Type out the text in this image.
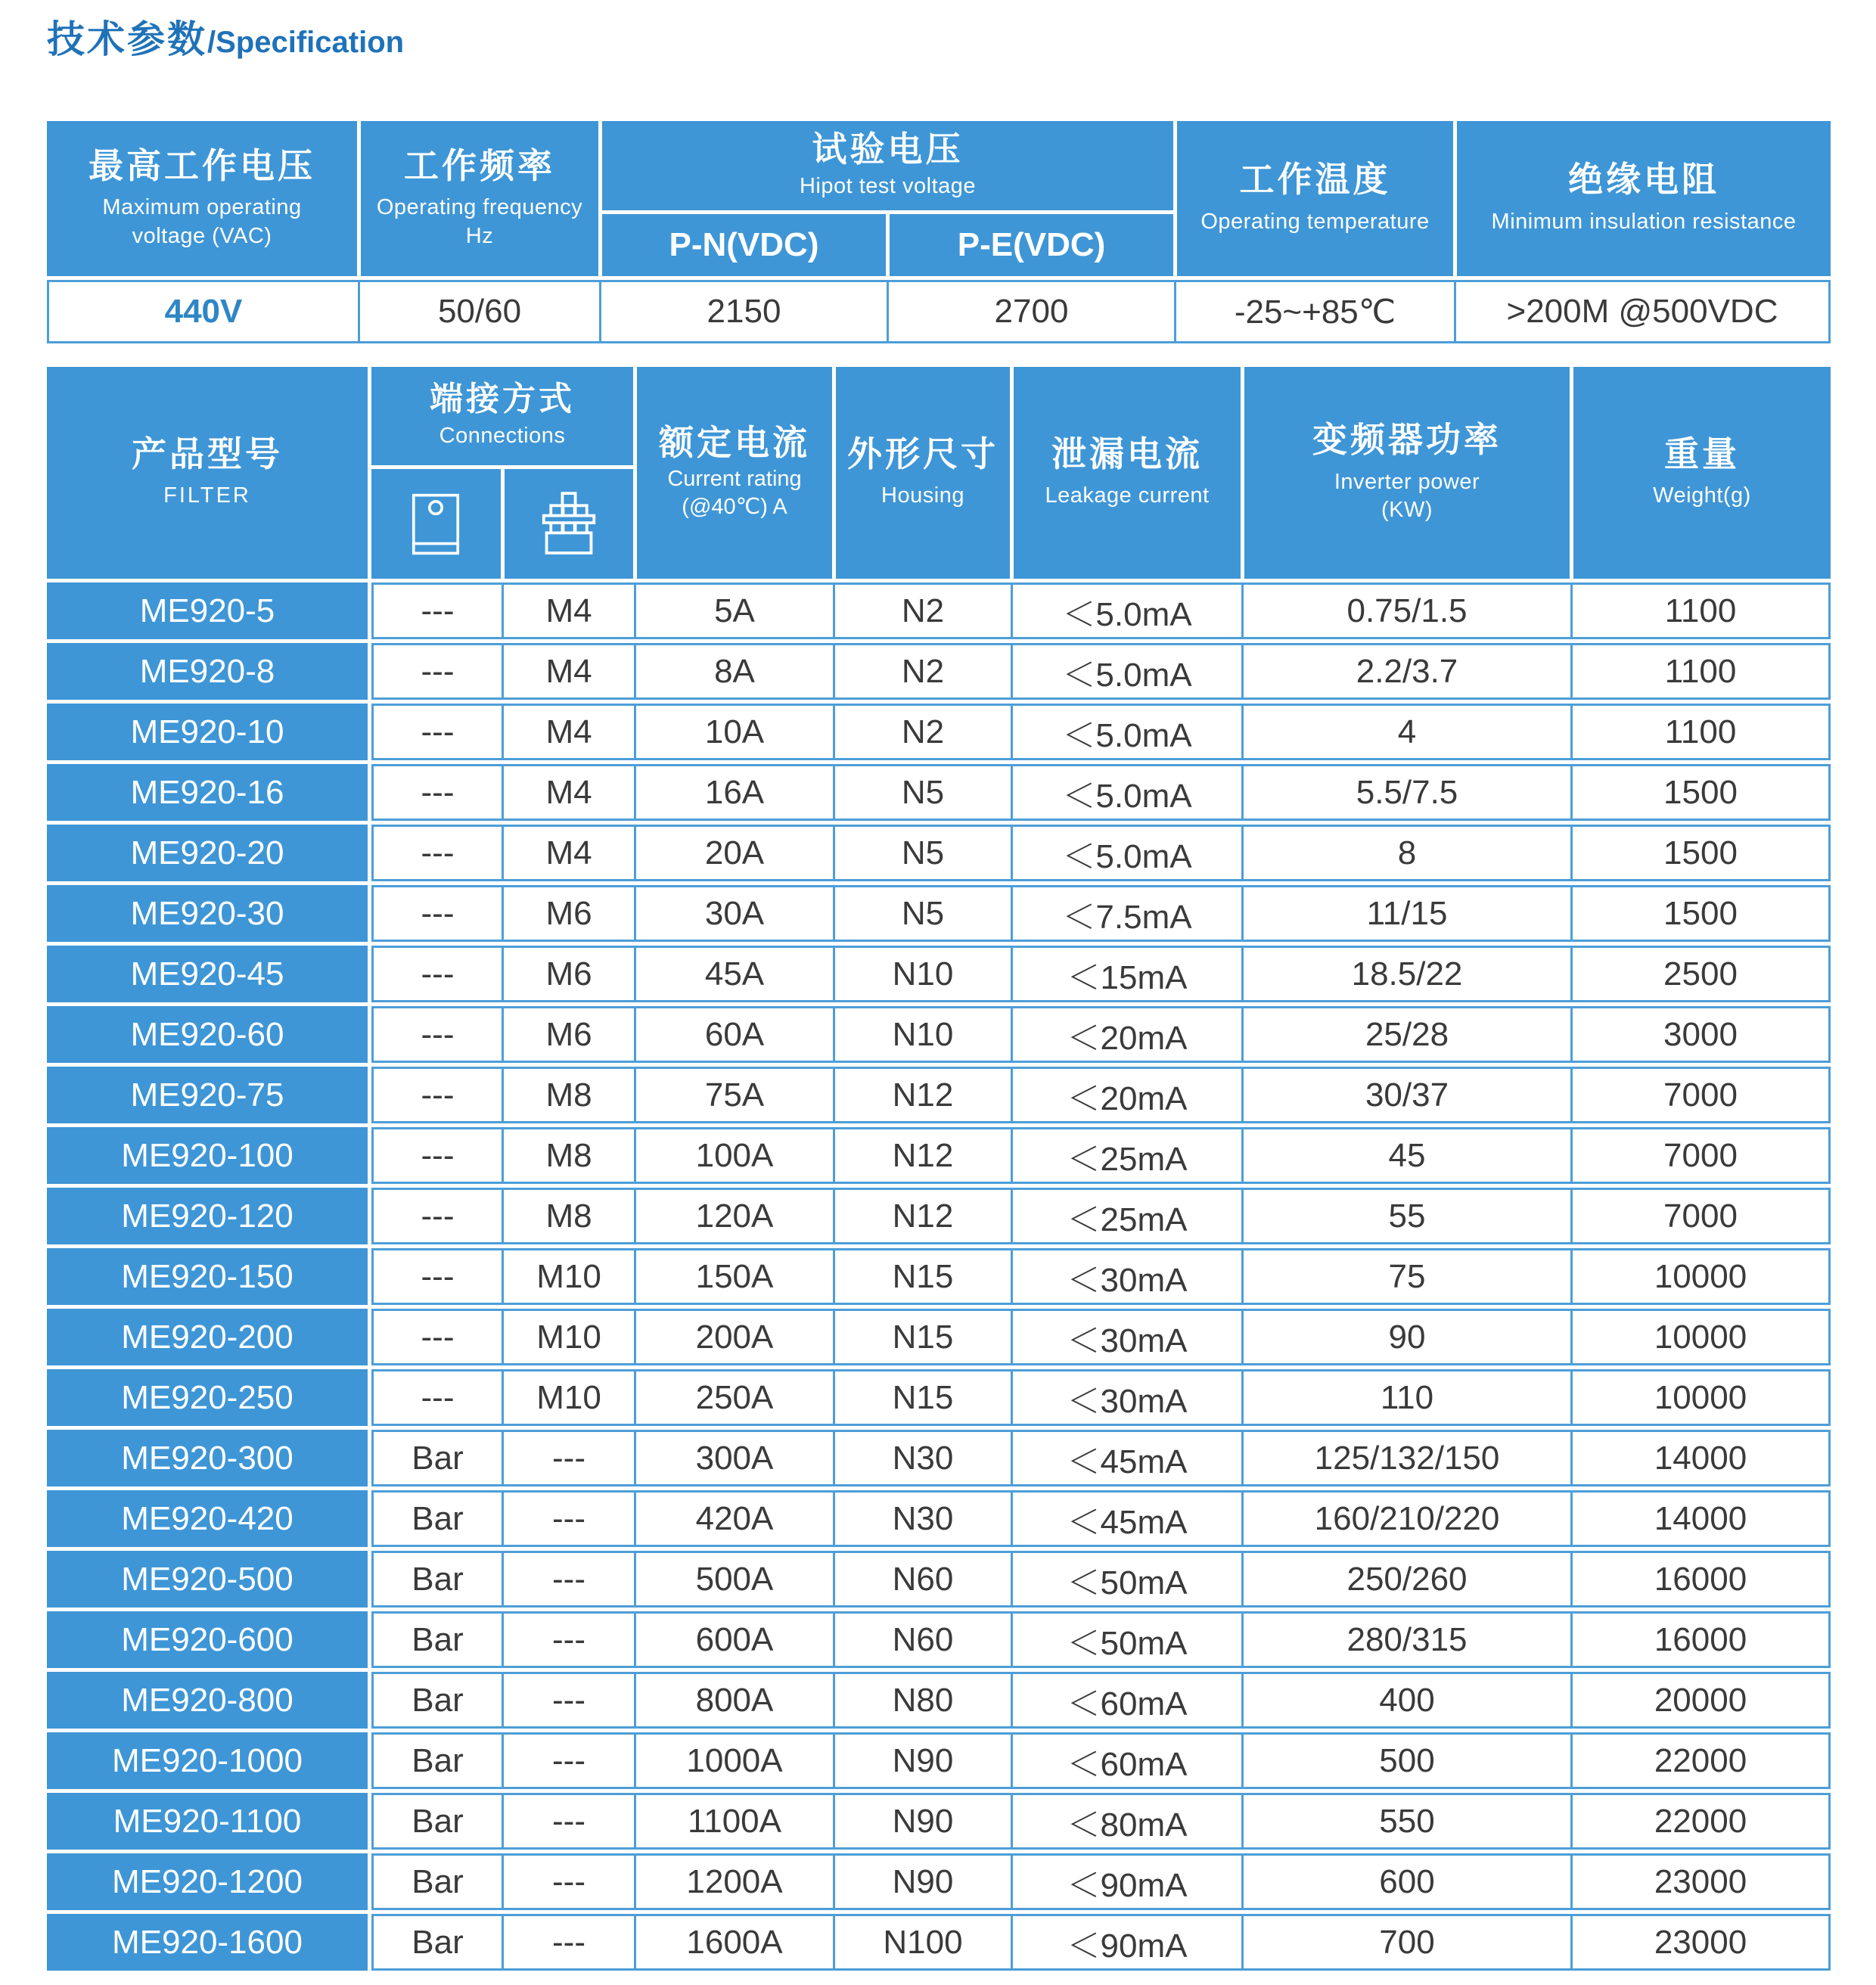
技术参数 /Specification
最高工作电压
Maximum operating
voltage (VAC)
工作频率
Operating frequency
Hz
试验电压
Hipot test voltage
P-N(VDC)	P-E(VDC)
工作温度
Operating temperature
绝缘电阻
Minimum insulation resistance
440V	50/60	2150	2700	-25~+85℃	>200M @500VDC
产品型号
FILTER
端接方式
Connections	额定电流
Current rating
(@40℃) A
外形尺寸
Housing
泄漏电流
Leakage current
变频器功率
Inverter power
(KW)
重量
Weight(g)
ME920-5	---	M4	5A	N2	＜5.0mA	0.75/1.5	1100
ME920-8	---	M4	8A	N2	＜5.0mA	2.2/3.7	1100
ME920-10	---	M4	10A	N2	＜5.0mA	4	1100
ME920-16	---	M4	16A	N5	＜5.0mA	5.5/7.5	1500
ME920-20	---	M4	20A	N5	＜5.0mA	8	1500
ME920-30	---	M6	30A	N5	＜7.5mA	11/15	1500
ME920-45	---	M6	45A	N10	＜15mA	18.5/22	2500
ME920-60	---	M6	60A	N10	＜20mA	25/28	3000
ME920-75	---	M8	75A	N12	＜20mA	30/37	7000
ME920-100	---	M8	100A	N12	＜25mA	45	7000
ME920-120	---	M8	120A	N12	＜25mA	55	7000
ME920-150	---	M10	150A	N15	＜30mA	75	10000
ME920-200	---	M10	200A	N15	＜30mA	90	10000
ME920-250	---	M10	250A	N15	＜30mA	110	10000
ME920-300	Bar	---	300A	N30	＜45mA	125/132/150	14000
ME920-420	Bar	---	420A	N30	＜45mA	160/210/220	14000
ME920-500	Bar	---	500A	N60	＜50mA	250/260	16000
ME920-600	Bar	---	600A	N60	＜50mA	280/315	16000
ME920-800	Bar	---	800A	N80	＜60mA	400	20000
ME920-1000	Bar	---	1000A	N90	＜60mA	500	22000
ME920-1100	Bar	---	1100A	N90	＜80mA	550	22000
ME920-1200	Bar	---	1200A	N90	＜90mA	600	23000
ME920-1600	Bar	---	1600A	N100	＜90mA	700	23000
